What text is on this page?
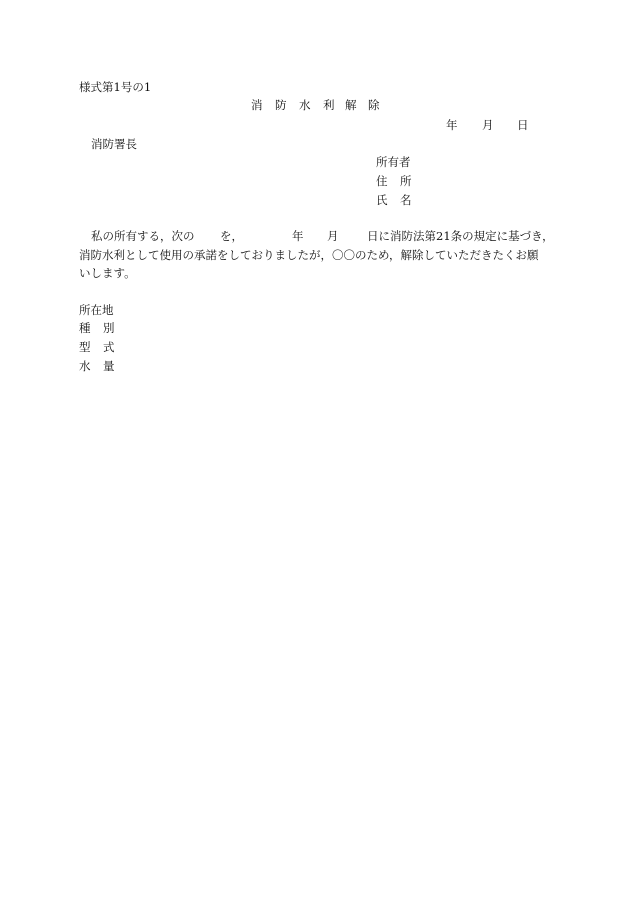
様式第1号の1

消

防

水

利

解

除

年 月 日
消防署長
所有者
住 所
氏 名
私の所有する，次の を，	年 月 日に消防法第21条の規定に基づき，
消防水利として使用の承諾をしておりましたが，〇〇のため，解除していただきたくお願
いします。
所在地
種 別
型 式
水 量
